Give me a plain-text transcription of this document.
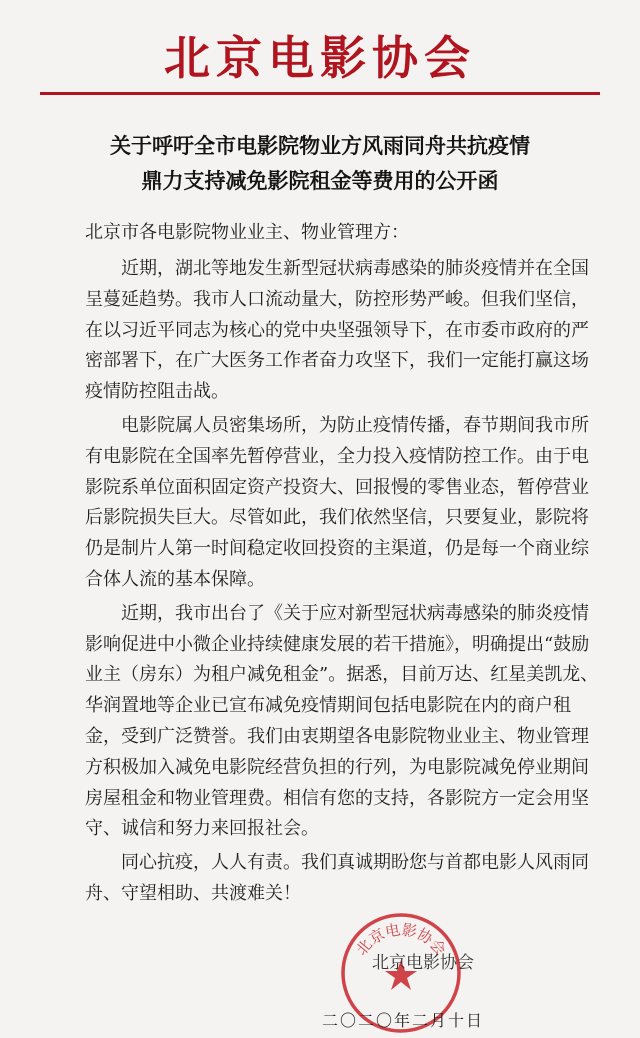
北京电影协会
关于呼吁全市电影院物业方风雨同舟共抗疫情
鼎力支持减免影院租金等费用的公开函
北京市各电影院物业业主、物业管理方：
近期，湖北等地发生新型冠状病毒感染的肺炎疫情并在全国
呈蔓延趋势。我市人口流动量大，防控形势严峻。但我们坚信，
在以习近平同志为核心的党中央坚强领导下，在市委市政府的严
密部署下，在广大医务工作者奋力攻坚下，我们一定能打赢这场
疫情防控阻击战。
电影院属人员密集场所，为防止疫情传播，春节期间我市所
有电影院在全国率先暂停营业，全力投入疫情防控工作。由于电
影院系单位面积固定资产投资大、回报慢的零售业态，暂停营业
后影院损失巨大。尽管如此，我们依然坚信，只要复业，影院将
仍是制片人第一时间稳定收回投资的主渠道，仍是每一个商业综
合体人流的基本保障。
近期，我市出台了《关于应对新型冠状病毒感染的肺炎疫情
影响促进中小微企业持续健康发展的若干措施》，明确提出“鼓励
业主（房东）为租户减免租金”。据悉，目前万达、红星美凯龙、
华润置地等企业已宣布减免疫情期间包括电影院在内的商户租
金，受到广泛赞誉。我们由衷期望各电影院物业业主、物业管理
方积极加入减免电影院经营负担的行列，为电影院减免停业期间
房屋租金和物业管理费。相信有您的支持，各影院方一定会用坚
守、诚信和努力来回报社会。
同心抗疫，人人有责。我们真诚期盼您与首都电影人风雨同
舟、守望相助、共渡难关！
北京电影协会
北京电影协会
二〇二〇年二月十日
